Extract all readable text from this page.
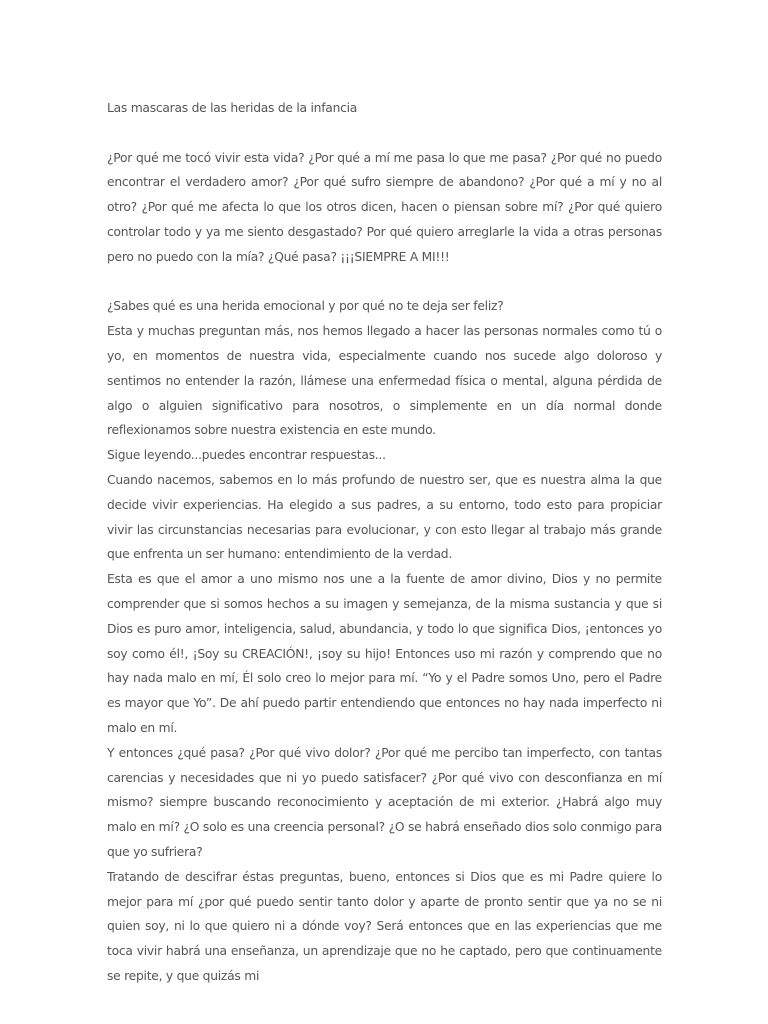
Las mascaras de las heridas de la infancia

¿Por qué me tocó vivir esta vida? ¿Por qué a mí me pasa lo que me pasa? ¿Por qué no puedo encontrar el verdadero amor? ¿Por qué sufro siempre de abandono? ¿Por qué a mí y no al otro? ¿Por qué me afecta lo que los otros dicen, hacen o piensan sobre mí? ¿Por qué quiero controlar todo y ya me siento desgastado? Por qué quiero arreglarle la vida a otras personas pero no puedo con la mía? ¿Qué pasa? ¡¡¡SIEMPRE A MI!!!

¿Sabes qué es una herida emocional y por qué no te deja ser feliz?

Esta y muchas preguntan más, nos hemos llegado a hacer las personas normales como tú o yo, en momentos de nuestra vida, especialmente cuando nos sucede algo doloroso y sentimos no entender la razón, llámese una enfermedad física o mental, alguna pérdida de algo o alguien significativo para nosotros, o simplemente en un día normal donde reflexionamos sobre nuestra existencia en este mundo.

Sigue leyendo...puedes encontrar respuestas...

Cuando nacemos, sabemos en lo más profundo de nuestro ser, que es nuestra alma la que decide vivir experiencias. Ha elegido a sus padres, a su entorno, todo esto para propiciar vivir las circunstancias necesarias para evolucionar, y con esto llegar al trabajo más grande que enfrenta un ser humano: entendimiento de la verdad.

Esta es que el amor a uno mismo nos une a la fuente de amor divino, Dios y no permite comprender que si somos hechos a su imagen y semejanza, de la misma sustancia y que si Dios es puro amor, inteligencia, salud, abundancia, y todo lo que significa Dios, ¡entonces yo soy como él!, ¡Soy su CREACIÓN!, ¡soy su hijo! Entonces uso mi razón y comprendo que no hay nada malo en mí, Él solo creo lo mejor para mí. “Yo y el Padre somos Uno, pero el Padre es mayor que Yo”. De ahí puedo partir entendiendo que entonces no hay nada imperfecto ni malo en mí.

Y entonces ¿qué pasa? ¿Por qué vivo dolor? ¿Por qué me percibo tan imperfecto, con tantas carencias y necesidades que ni yo puedo satisfacer? ¿Por qué vivo con desconfianza en mí mismo? siempre buscando reconocimiento y aceptación de mi exterior. ¿Habrá algo muy malo en mí? ¿O solo es una creencia personal? ¿O se habrá enseñado dios solo conmigo para que yo sufriera?

Tratando de descifrar éstas preguntas, bueno, entonces si Dios que es mi Padre quiere lo mejor para mí ¿por qué puedo sentir tanto dolor y aparte de pronto sentir que ya no se ni quien soy, ni lo que quiero ni a dónde voy? Será entonces que en las experiencias que me toca vivir habrá una enseñanza, un aprendizaje que no he captado, pero que continuamente se repite, y que quizás mi
